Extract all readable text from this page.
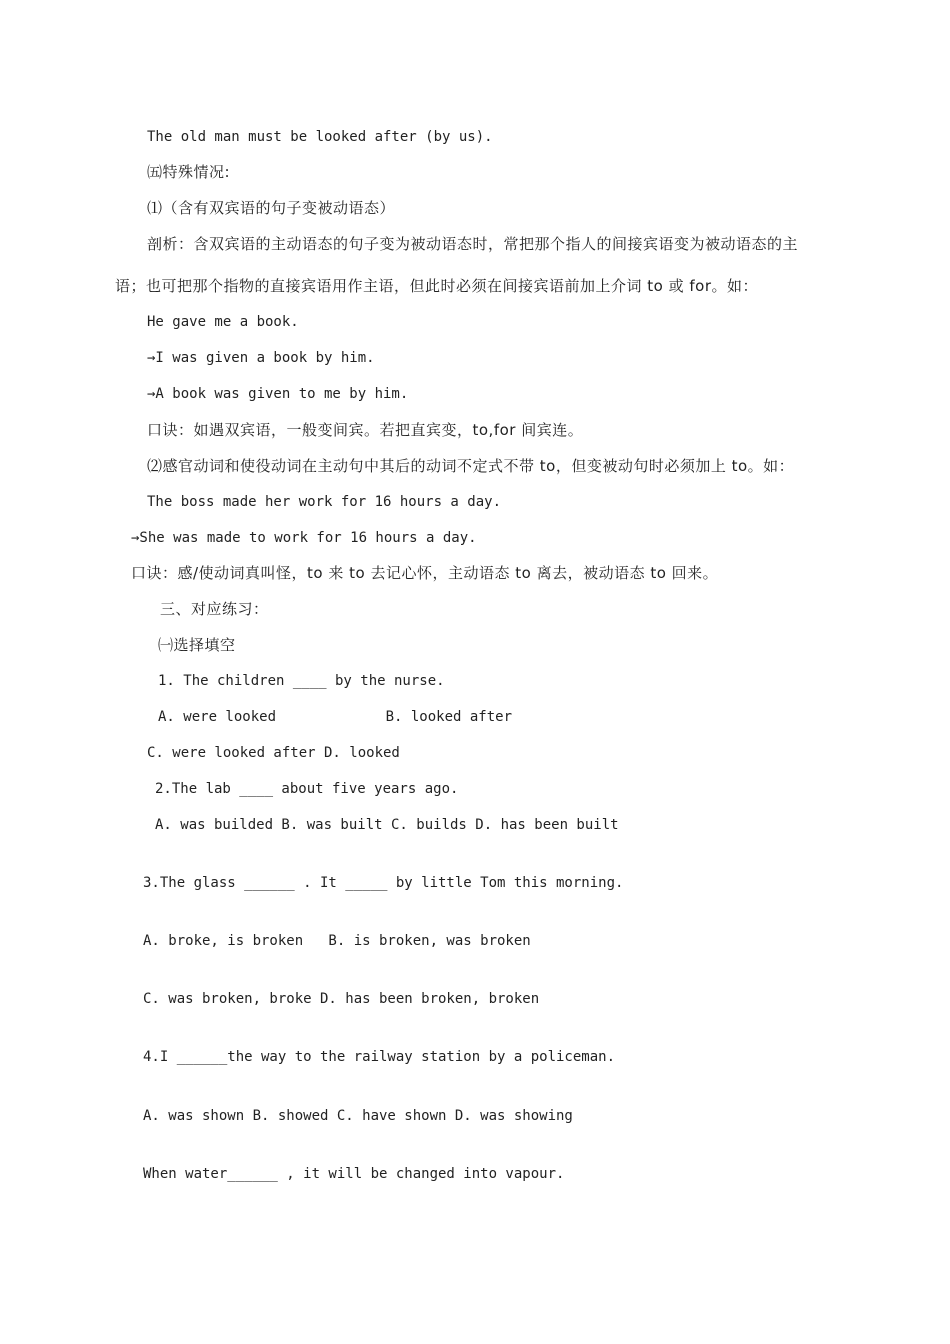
The old man must be looked after (by us).
㈤特殊情况:
⑴（含有双宾语的句子变被动语态）
剖析：含双宾语的主动语态的句子变为被动语态时，常把那个指人的间接宾语变为被动语态的主
语；也可把那个指物的直接宾语用作主语，但此时必须在间接宾语前加上介词 to 或 for。如：
He gave me a book.
→I was given a book by him.
→A book was given to me by him.
口诀：如遇双宾语，一般变间宾。若把直宾变，to,for 间宾连。
⑵感官动词和使役动词在主动句中其后的动词不定式不带 to，但变被动句时必须加上 to。如：
The boss made her work for 16 hours a day.
→She was made to work for 16 hours a day.
口诀：感/使动词真叫怪，to 来 to 去记心怀，主动语态 to 离去，被动语态 to 回来。
三、对应练习：
㈠选择填空
1. The children ____ by the nurse.
A. were looked             B. looked after
C. were looked after D. looked
2.The lab ____ about five years ago.
A. was builded B. was built C. builds D. has been built
3.The glass ______ . It _____ by little Tom this morning.
A. broke, is broken   B. is broken, was broken
C. was broken, broke D. has been broken, broken
4.I ______the way to the railway station by a policeman.
A. was shown B. showed C. have shown D. was showing
When water______ , it will be changed into vapour.
